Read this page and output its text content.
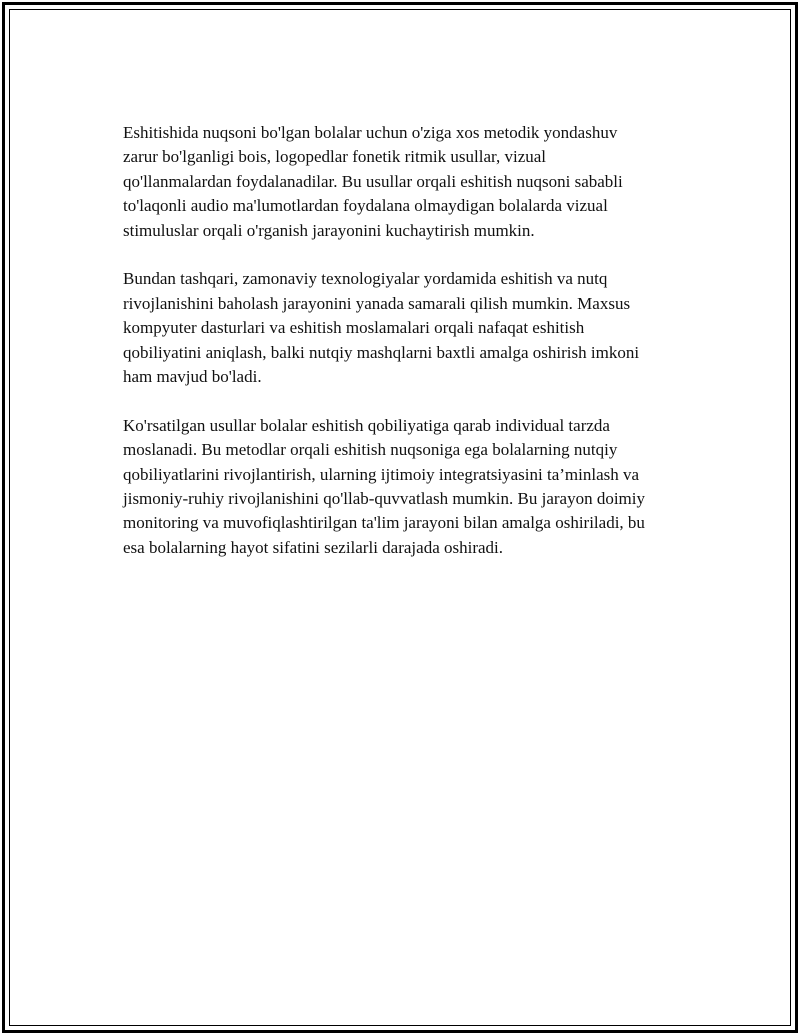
Eshitishida nuqsoni bo'lgan bolalar uchun o'ziga xos metodik yondashuv
zarur bo'lganligi bois, logopedlar fonetik ritmik usullar, vizual
qo'llanmalardan foydalanadilar. Bu usullar orqali eshitish nuqsoni sababli
to'laqonli audio ma'lumotlardan foydalana olmaydigan bolalarda vizual
stimuluslar orqali o'rganish jarayonini kuchaytirish mumkin.

Bundan tashqari, zamonaviy texnologiyalar yordamida eshitish va nutq
rivojlanishini baholash jarayonini yanada samarali qilish mumkin. Maxsus
kompyuter dasturlari va eshitish moslamalari orqali nafaqat eshitish
qobiliyatini aniqlash, balki nutqiy mashqlarni baxtli amalga oshirish imkoni
ham mavjud bo'ladi.

Ko'rsatilgan usullar bolalar eshitish qobiliyatiga qarab individual tarzda
moslanadi. Bu metodlar orqali eshitish nuqsoniga ega bolalarning nutqiy
qobiliyatlarini rivojlantirish, ularning ijtimoiy integratsiyasini ta’minlash va
jismoniy-ruhiy rivojlanishini qo'llab-quvvatlash mumkin. Bu jarayon doimiy
monitoring va muvofiqlashtirilgan ta'lim jarayoni bilan amalga oshiriladi, bu
esa bolalarning hayot sifatini sezilarli darajada oshiradi.
